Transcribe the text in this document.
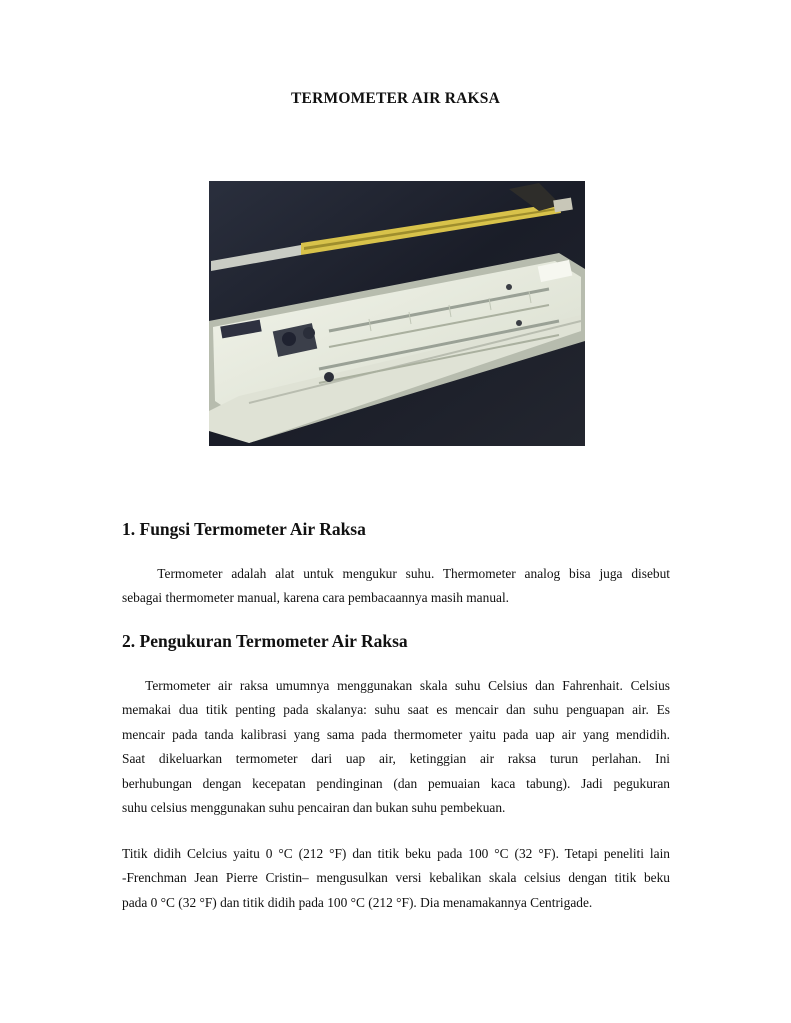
TERMOMETER AIR RAKSA
1. Fungsi Termometer Air Raksa

Termometer adalah alat untuk mengukur suhu. Thermometer analog bisa juga disebut
sebagai thermometer manual, karena cara pembacaannya masih manual.

2. Pengukuran Termometer Air Raksa

Termometer air raksa umumnya menggunakan skala suhu Celsius dan Fahrenhait. Celsius
memakai dua titik penting pada skalanya: suhu saat es mencair dan suhu penguapan air. Es
mencair pada tanda kalibrasi yang sama pada thermometer yaitu pada uap air yang mendidih.
Saat dikeluarkan termometer dari uap air, ketinggian air raksa turun perlahan. Ini
berhubungan dengan kecepatan pendinginan (dan pemuaian kaca tabung). Jadi pegukuran
suhu celsius menggunakan suhu pencairan dan bukan suhu pembekuan.

Titik didih Celcius yaitu 0 °C (212 °F) dan titik beku pada 100 °C (32 °F). Tetapi peneliti lain
-Frenchman Jean Pierre Cristin– mengusulkan versi kebalikan skala celsius dengan titik beku
pada 0 °C (32 °F) dan titik didih pada 100 °C (212 °F). Dia menamakannya Centrigade.
